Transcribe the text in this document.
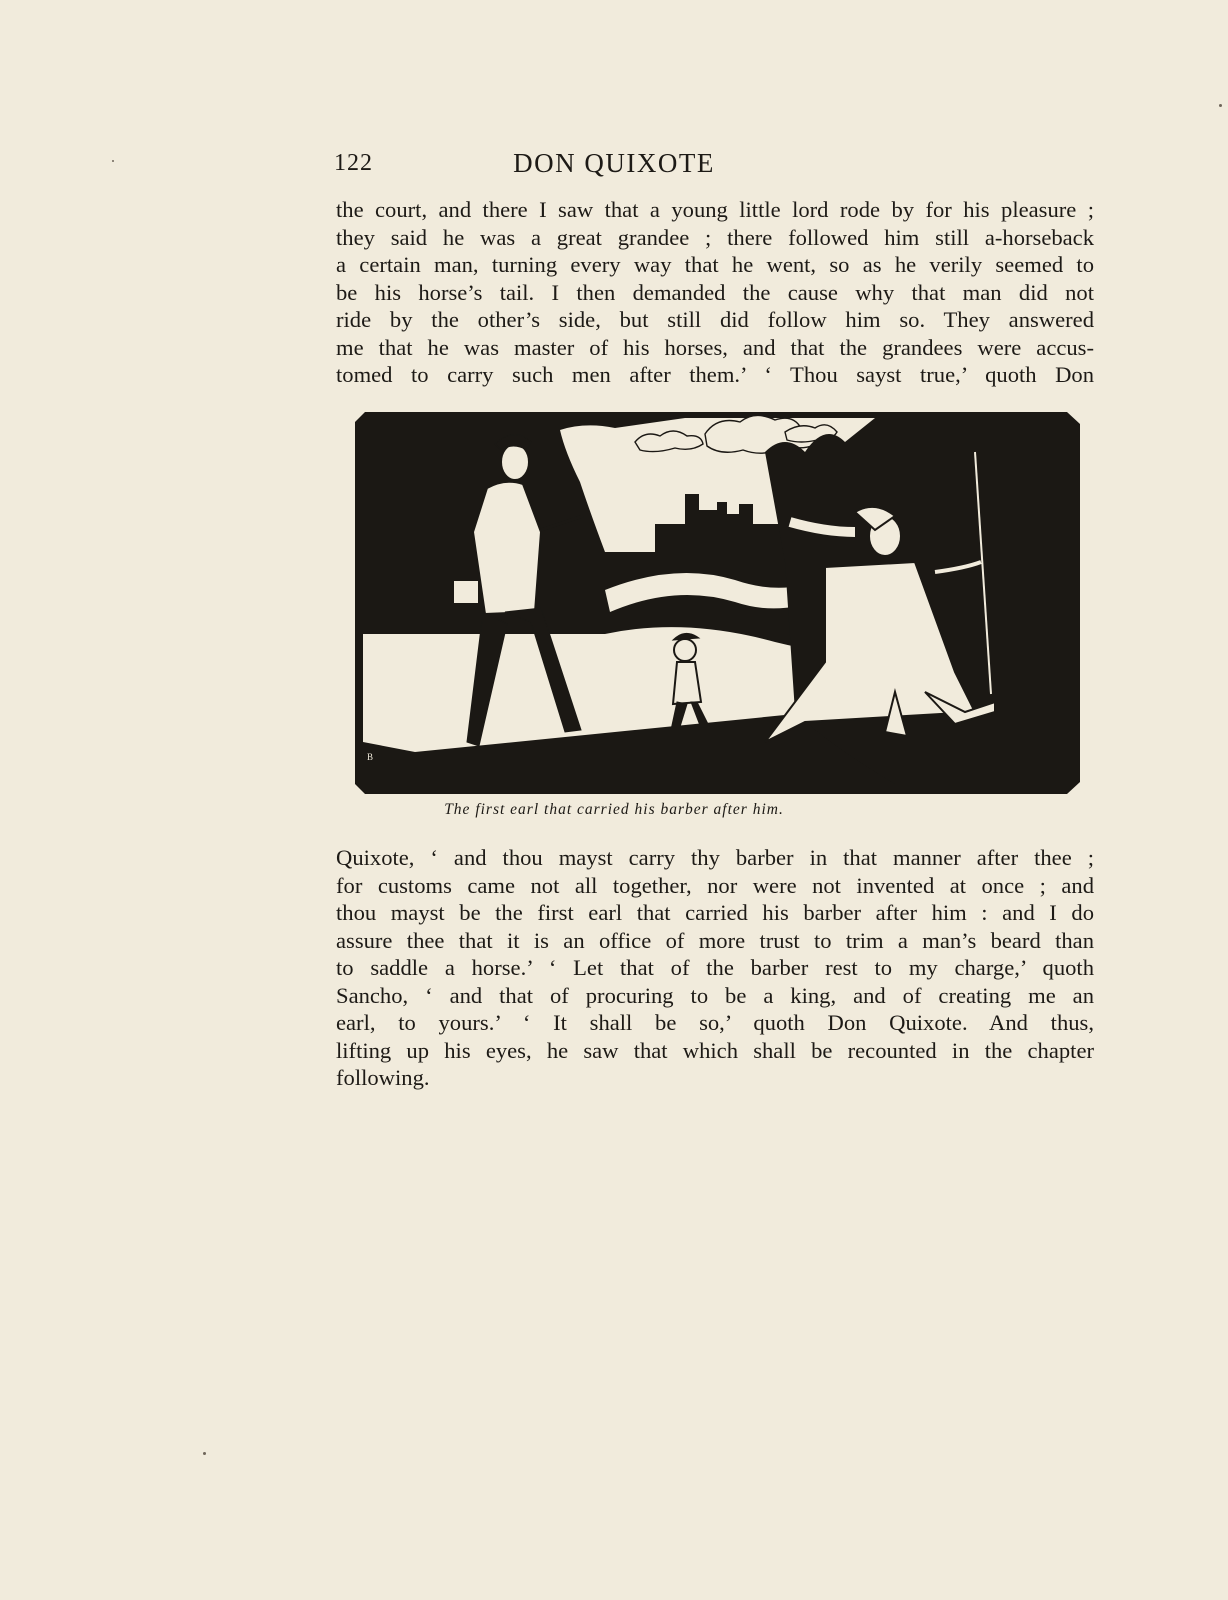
122	DON QUIXOTE
the court, and there I saw that a young little lord rode by for his pleasure ;
they said he was a great grandee ; there followed him still a-horseback
a certain man, turning every way that he went, so as he verily seemed to
be his horse’s tail. I then demanded the cause why that man did not
ride by the other’s side, but still did follow him so. They answered
me that he was master of his horses, and that the grandees were accus-
tomed to carry such men after them.’ ‘ Thou sayst true,’ quoth Don
B
The first earl that carried his barber after him.
Quixote, ‘ and thou mayst carry thy barber in that manner after thee ;
for customs came not all together, nor were not invented at once ; and
thou mayst be the first earl that carried his barber after him : and I do
assure thee that it is an office of more trust to trim a man’s beard than
to saddle a horse.’ ‘ Let that of the barber rest to my charge,’ quoth
Sancho, ‘ and that of procuring to be a king, and of creating me an
earl, to yours.’ ‘ It shall be so,’ quoth Don Quixote. And thus,
lifting up his eyes, he saw that which shall be recounted in the chapter
following.
